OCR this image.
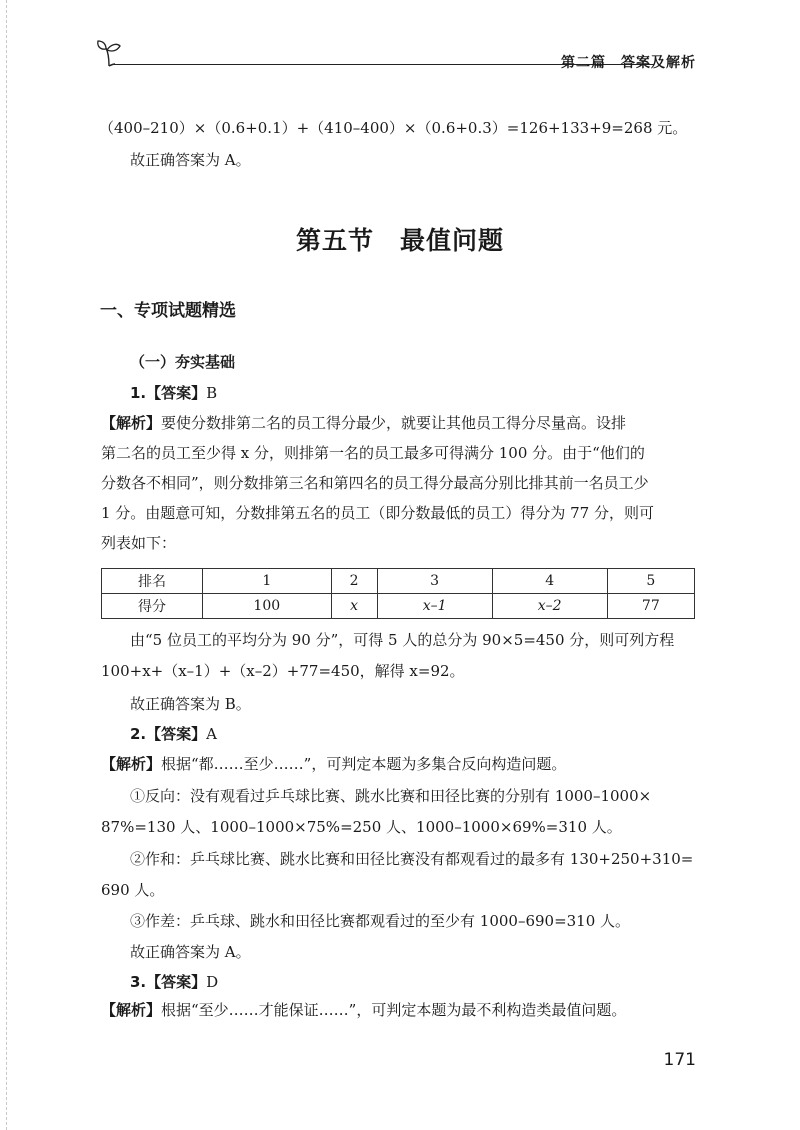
第二篇　答案及解析
（400–210）×（0.6+0.1）+（410–400）×（0.6+0.3）=126+133+9=268 元。
故正确答案为 A。
第五节　最值问题
一、专项试题精选
（一）夯实基础
1.【答案】B
【解析】要使分数排第二名的员工得分最少，就要让其他员工得分尽量高。设排
第二名的员工至少得 x 分，则排第一名的员工最多可得满分 100 分。由于“他们的
分数各不相同”，则分数排第三名和第四名的员工得分最高分别比排其前一名员工少
1 分。由题意可知，分数排第五名的员工（即分数最低的员工）得分为 77 分，则可
列表如下：
排名	1	2	3	4	5
得分	100	x	x–1	x–2	77
由“5 位员工的平均分为 90 分”，可得 5 人的总分为 90×5=450 分，则可列方程
100+x+（x–1）+（x–2）+77=450，解得 x=92。
故正确答案为 B。
2.【答案】A
【解析】根据“都……至少……”，可判定本题为多集合反向构造问题。
①反向：没有观看过乒乓球比赛、跳水比赛和田径比赛的分别有 1000–1000×
87%=130 人、1000–1000×75%=250 人、1000–1000×69%=310 人。
②作和：乒乓球比赛、跳水比赛和田径比赛没有都观看过的最多有 130+250+310=
690 人。
③作差：乒乓球、跳水和田径比赛都观看过的至少有 1000–690=310 人。
故正确答案为 A。
3.【答案】D
【解析】根据“至少……才能保证……”，可判定本题为最不利构造类最值问题。
171
